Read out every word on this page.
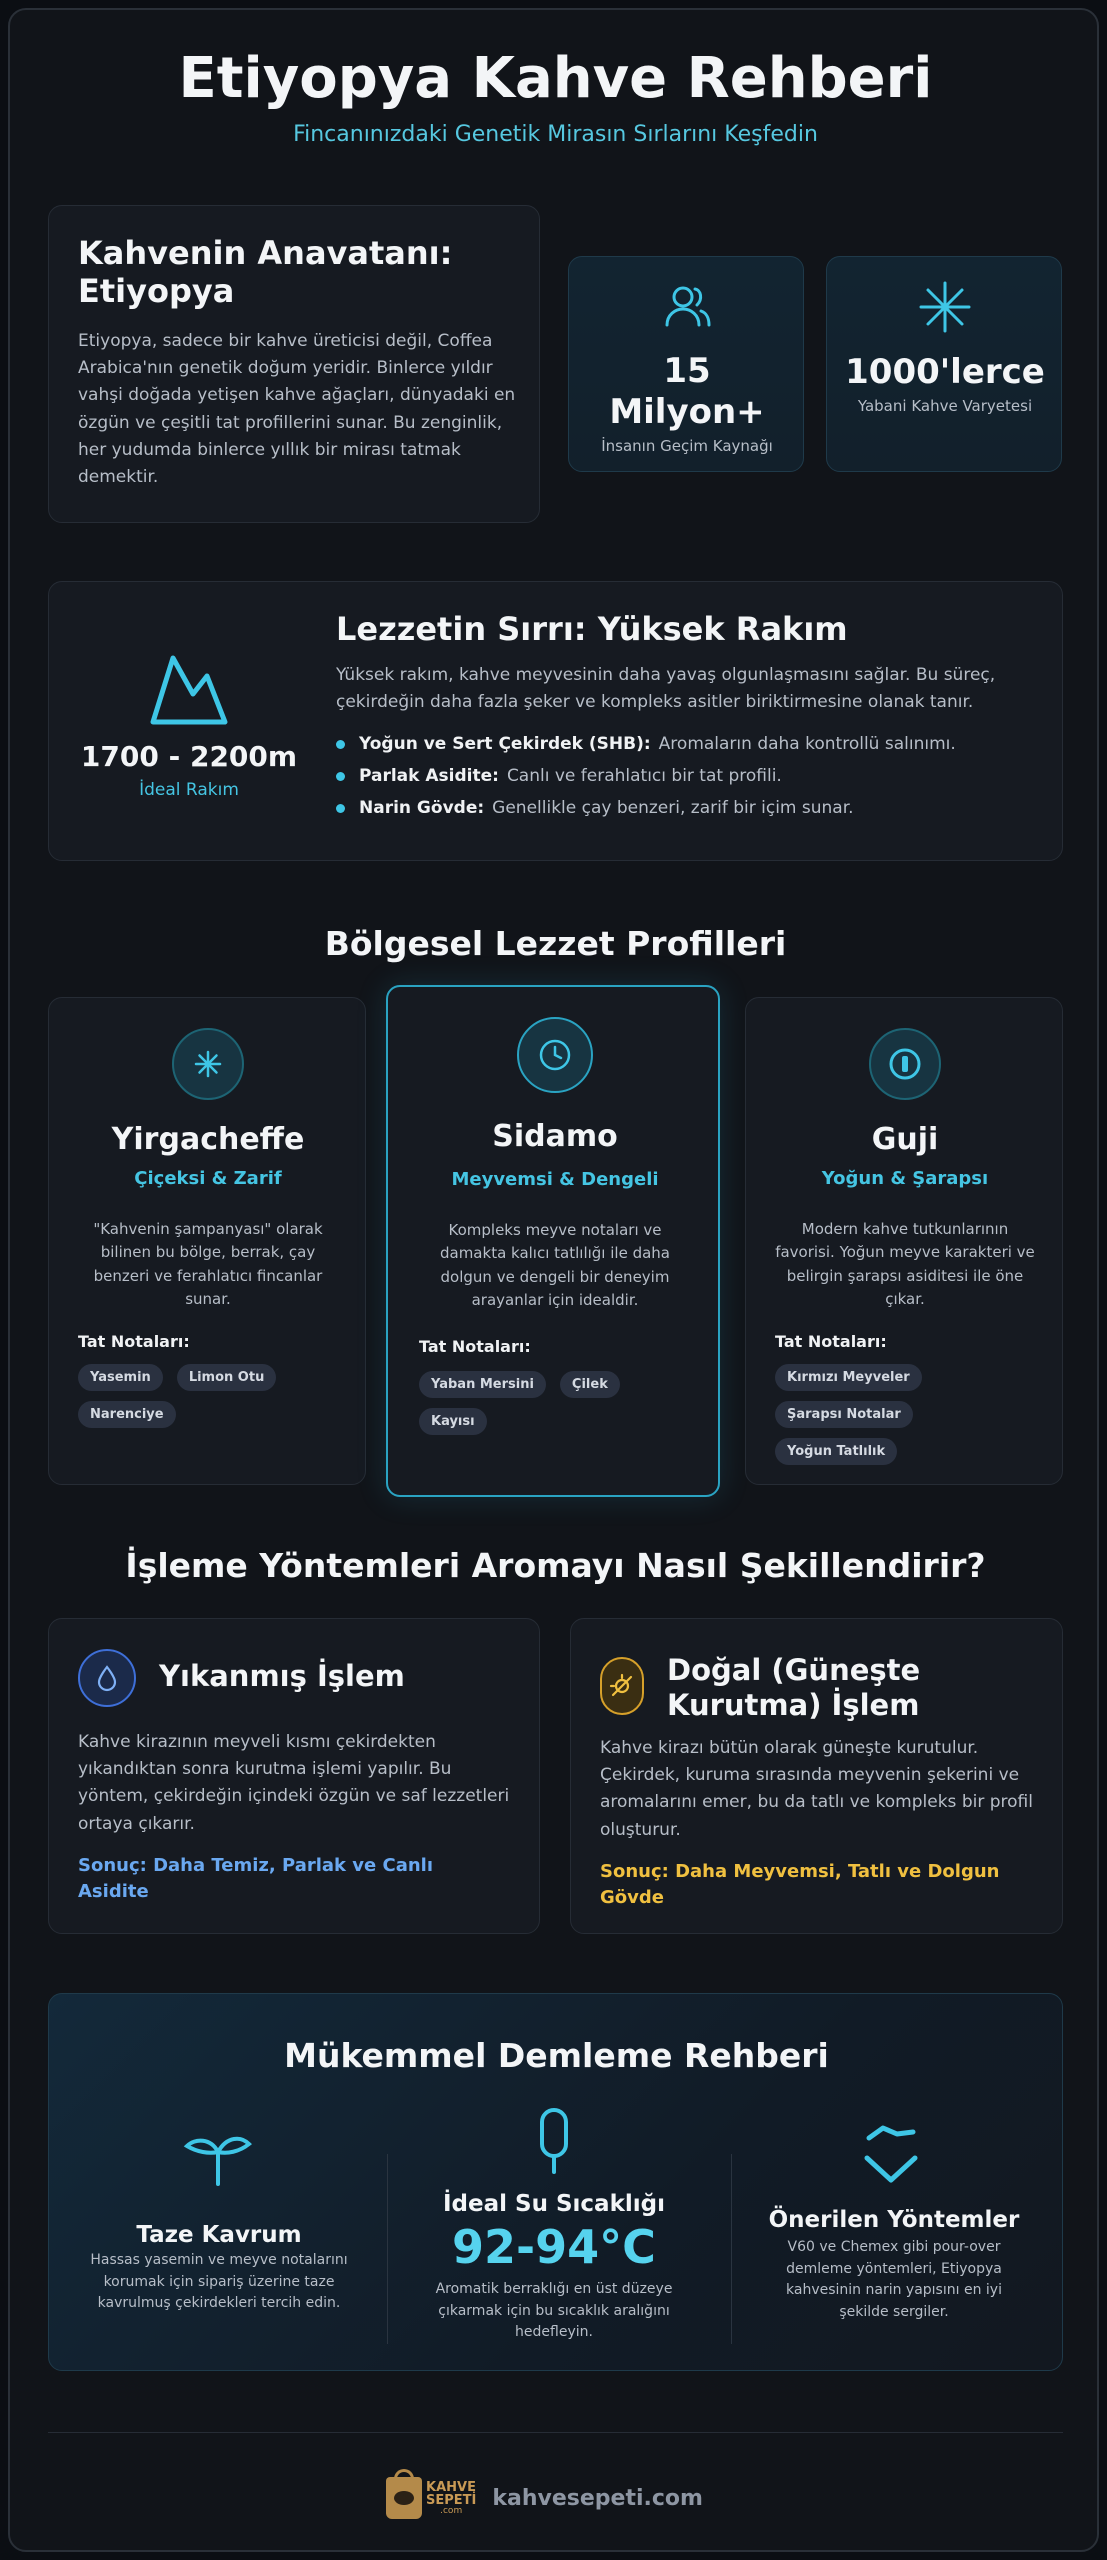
Etiyopya Kahve Rehberi
Fincanınızdaki Genetik Mirasın Sırlarını Keşfedin
Kahvenin Anavatanı: Etiyopya
Etiyopya, sadece bir kahve üreticisi değil, Coffea Arabica'nın genetik doğum yeridir. Binlerce yıldır vahşi doğada yetişen kahve ağaçları, dünyadaki en özgün ve çeşitli tat profillerini sunar. Bu zenginlik, her yudumda binlerce yıllık bir mirası tatmak demektir.
15 Milyon+
İnsanın Geçim Kaynağı
1000'lerce
Yabani Kahve Varyetesi
1700 - 2200m
İdeal Rakım
Lezzetin Sırrı: Yüksek Rakım
Yüksek rakım, kahve meyvesinin daha yavaş olgunlaşmasını sağlar. Bu süreç, çekirdeğin daha fazla şeker ve kompleks asitler biriktirmesine olanak tanır.
Yoğun ve Sert Çekirdek (SHB): Aromaların daha kontrollü salınımı.
Parlak Asidite: Canlı ve ferahlatıcı bir tat profili.
Narin Gövde: Genellikle çay benzeri, zarif bir içim sunar.
Bölgesel Lezzet Profilleri
Yirgacheffe
Çiçeksi & Zarif
"Kahvenin şampanyası" olarak bilinen bu bölge, berrak, çay benzeri ve ferahlatıcı fincanlar sunar.
Tat Notaları:
Yasemin	Limon Otu
Narenciye
Sidamo
Meyvemsi & Dengeli
Kompleks meyve notaları ve damakta kalıcı tatlılığı ile daha dolgun ve dengeli bir deneyim arayanlar için idealdir.
Tat Notaları:
Yaban Mersini	Çilek
Kayısı
Guji
Yoğun & Şarapsı
Modern kahve tutkunlarının favorisi. Yoğun meyve karakteri ve belirgin şarapsı asiditesi ile öne çıkar.
Tat Notaları:
Kırmızı Meyveler
Şarapsı Notalar
Yoğun Tatlılık
İşleme Yöntemleri Aromayı Nasıl Şekillendirir?
Yıkanmış İşlem
Kahve kirazının meyveli kısmı çekirdekten yıkandıktan sonra kurutma işlemi yapılır. Bu yöntem, çekirdeğin içindeki özgün ve saf lezzetleri ortaya çıkarır.
Sonuç: Daha Temiz, Parlak ve Canlı Asidite
Doğal (Güneşte Kurutma) İşlem
Kahve kirazı bütün olarak güneşte kurutulur. Çekirdek, kuruma sırasında meyvenin şekerini ve aromalarını emer, bu da tatlı ve kompleks bir profil oluşturur.
Sonuç: Daha Meyvemsi, Tatlı ve Dolgun Gövde
Mükemmel Demleme Rehberi
Taze Kavrum
Hassas yasemin ve meyve notalarını korumak için sipariş üzerine taze kavrulmuş çekirdekleri tercih edin.
İdeal Su Sıcaklığı
92-94°C
Aromatik berraklığı en üst düzeye çıkarmak için bu sıcaklık aralığını hedefleyin.
Önerilen Yöntemler
V60 ve Chemex gibi pour-over demleme yöntemleri, Etiyopya kahvesinin narin yapısını en iyi şekilde sergiler.
KAHVE
SEPETİ
.com	kahvesepeti.com
